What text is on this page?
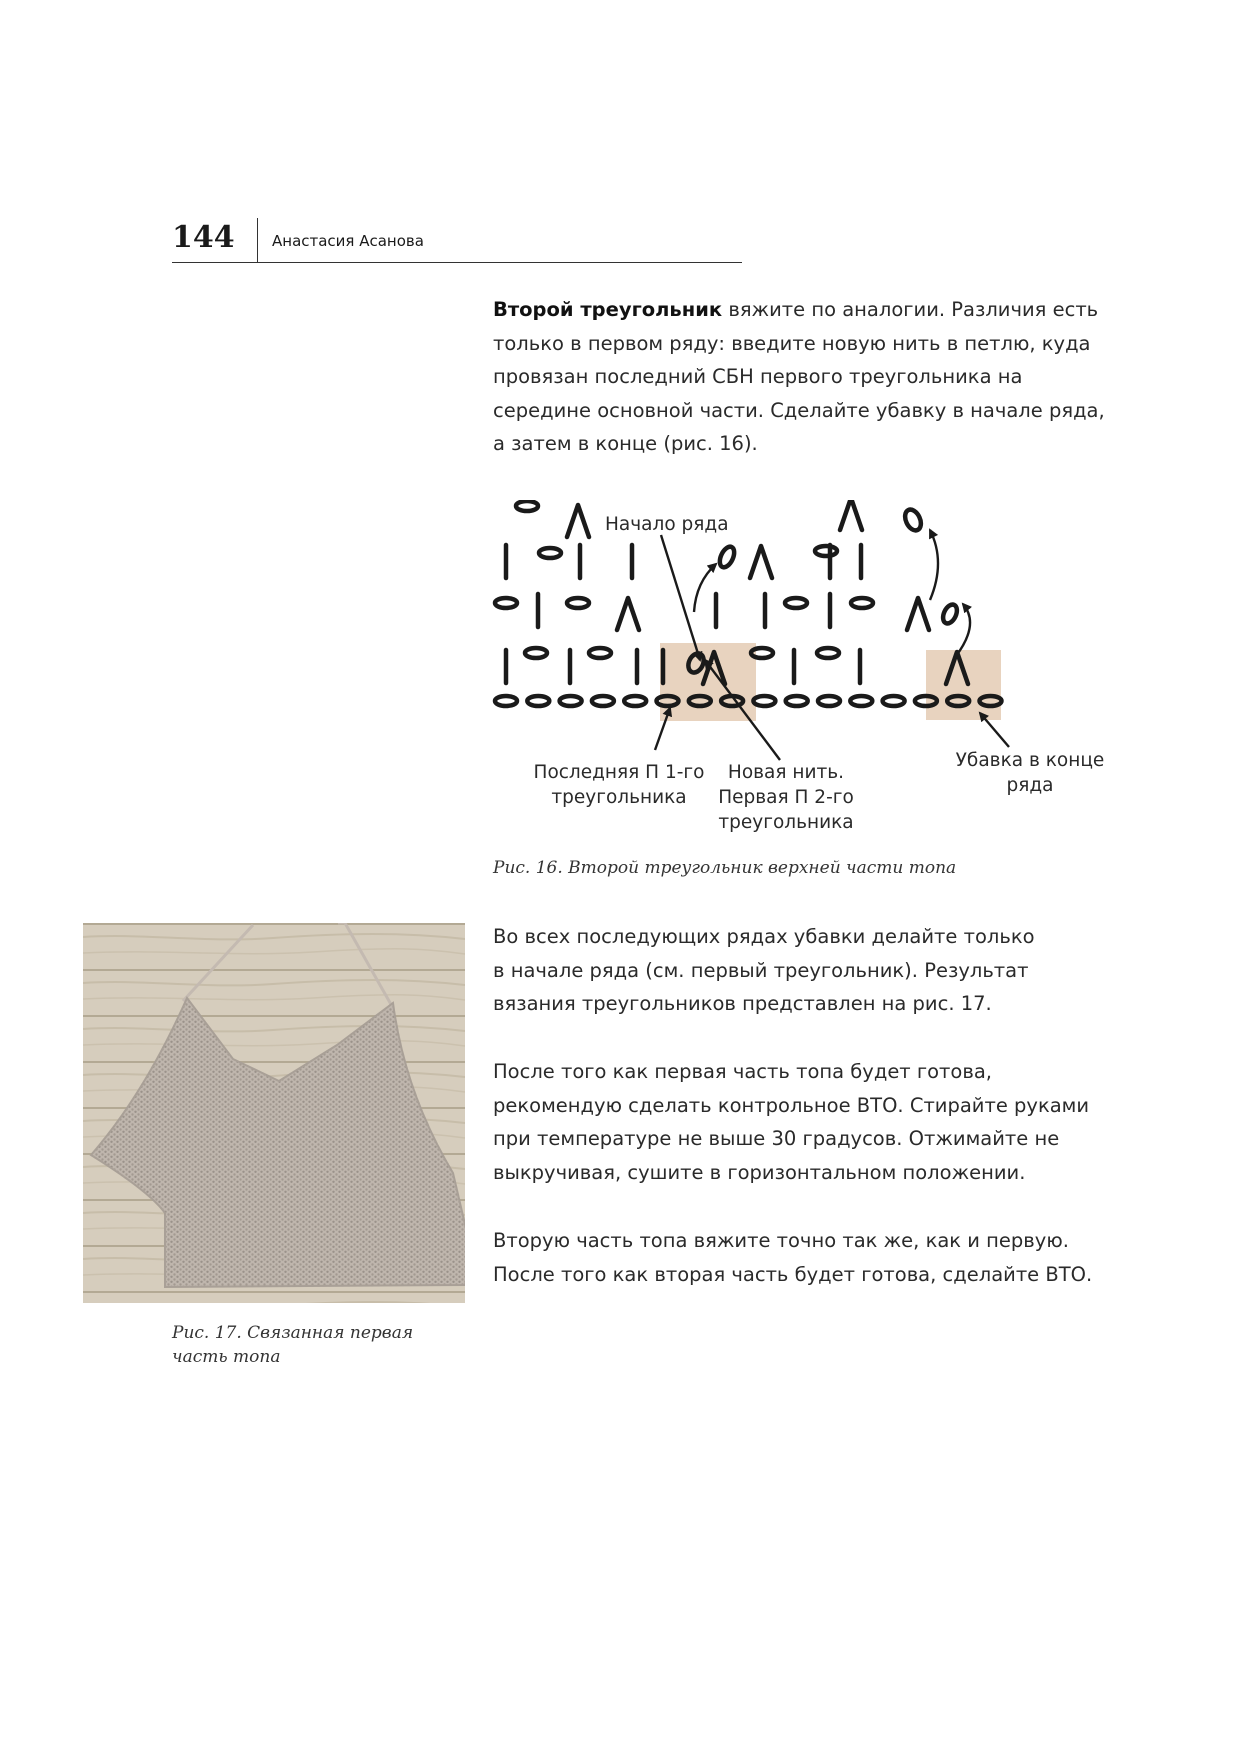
144 Анастасия Асанова

Второй треугольник вяжите по аналогии. Различия есть
только в первом ряду: введите новую нить в петлю, куда
провязан последний СБН первого треугольника на
середине основной части. Сделайте убавку в начале ряда,
а затем в конце (рис. 16).

Начало ряда
Последняя П 1-го
треугольника
Новая нить.
Первая П 2-го
треугольника
Убавка в конце
ряда

Рис. 16. Второй треугольник верхней части топа

Рис. 17. Связанная первая
часть топа

Во всех последующих рядах убавки делайте только
в начале ряда (см. первый треугольник). Результат
вязания треугольников представлен на рис. 17.

После того как первая часть топа будет готова,
рекомендую сделать контрольное ВТО. Стирайте руками
при температуре не выше 30 градусов. Отжимайте не
выкручивая, сушите в горизонтальном положении.

Вторую часть топа вяжите точно так же, как и первую.
После того как вторая часть будет готова, сделайте ВТО.
